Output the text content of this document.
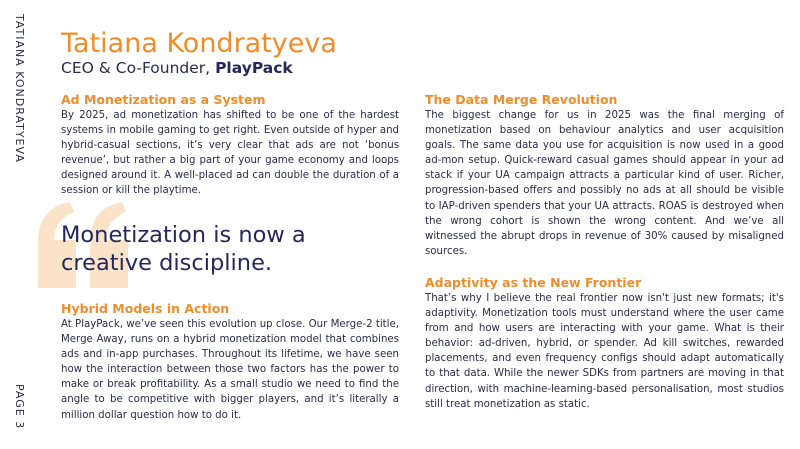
TATIANA KONDRATYEVA
PAGE 3
Tatiana Kondratyeva
CEO & Co-Founder, PlayPack
Ad Monetization as a System

By 2025, ad monetization has shifted to be one of the hardest systems in mobile gaming to get right. Even outside of hyper and hybrid-casual sections, it’s very clear that ads are not ‘bonus revenue’, but rather a big part of your game economy and loops designed around it. A well-placed ad can double the duration of a session or kill the playtime.

Monetization is now a
creative discipline.
Hybrid Models in Action

At PlayPack, we’ve seen this evolution up close. Our Merge-2 title, Merge Away, runs on a hybrid monetization model that combines ads and in-app purchases. Throughout its lifetime, we have seen how the interaction between those two factors has the power to make or break profitability. As a small studio we need to find the angle to be competitive with bigger players, and it’s literally a million dollar question how to do it.

The Data Merge Revolution

The biggest change for us in 2025 was the final merging of monetization based on behaviour analytics and user acquisition goals. The same data you use for acquisition is now used in a good ad-mon setup. Quick-reward casual games should appear in your ad stack if your UA campaign attracts a particular kind of user. Richer, progression-based offers and possibly no ads at all should be visible to IAP-driven spenders that your UA attracts. ROAS is destroyed when the wrong cohort is shown the wrong content. And we’ve all witnessed the abrupt drops in revenue of 30% caused by misaligned sources.

Adaptivity as the New Frontier

That’s why I believe the real frontier now isn't just new formats; it's adaptivity. Monetization tools must understand where the user came from and how users are interacting with your game. What is their behavior: ad-driven, hybrid, or spender. Ad kill switches, rewarded placements, and even frequency configs should adapt automatically to that data. While the newer SDKs from partners are moving in that direction, with machine-learning-based personalisation, most studios still treat monetization as static.
